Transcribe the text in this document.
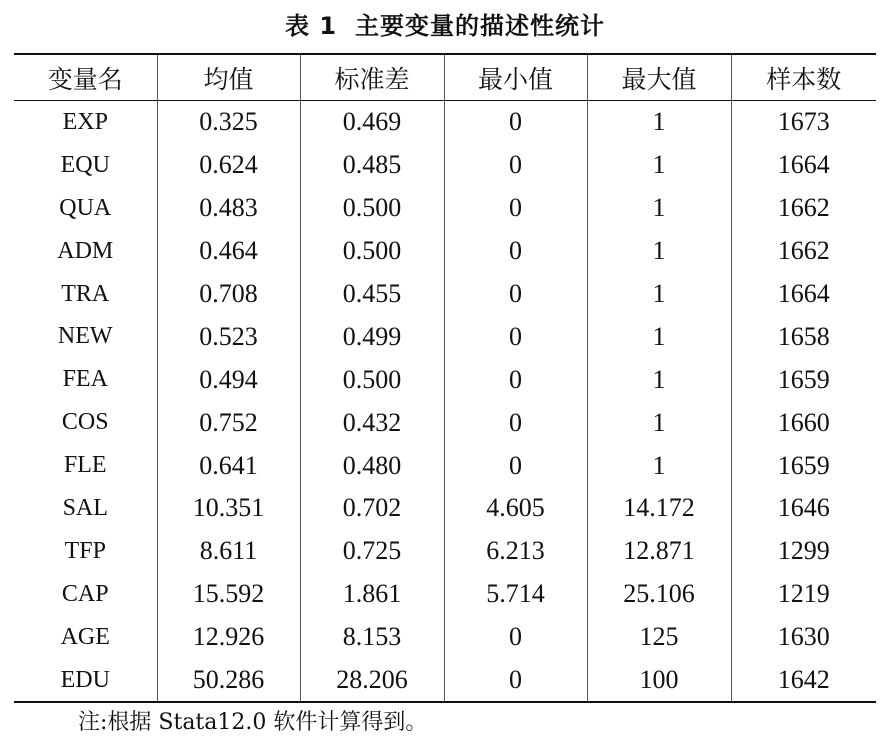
表 1 主要变量的描述性统计
变量名	均值	标准差	最小值	最大值	样本数
EXP	0.325	0.469	0	1	1673
EQU	0.624	0.485	0	1	1664
QUA	0.483	0.500	0	1	1662
ADM	0.464	0.500	0	1	1662
TRA	0.708	0.455	0	1	1664
NEW	0.523	0.499	0	1	1658
FEA	0.494	0.500	0	1	1659
COS	0.752	0.432	0	1	1660
FLE	0.641	0.480	0	1	1659
SAL	10.351	0.702	4.605	14.172	1646
TFP	8.611	0.725	6.213	12.871	1299
CAP	15.592	1.861	5.714	25.106	1219
AGE	12.926	8.153	0	125	1630
EDU	50.286	28.206	0	100	1642
注:根据 Stata12.0 软件计算得到。
